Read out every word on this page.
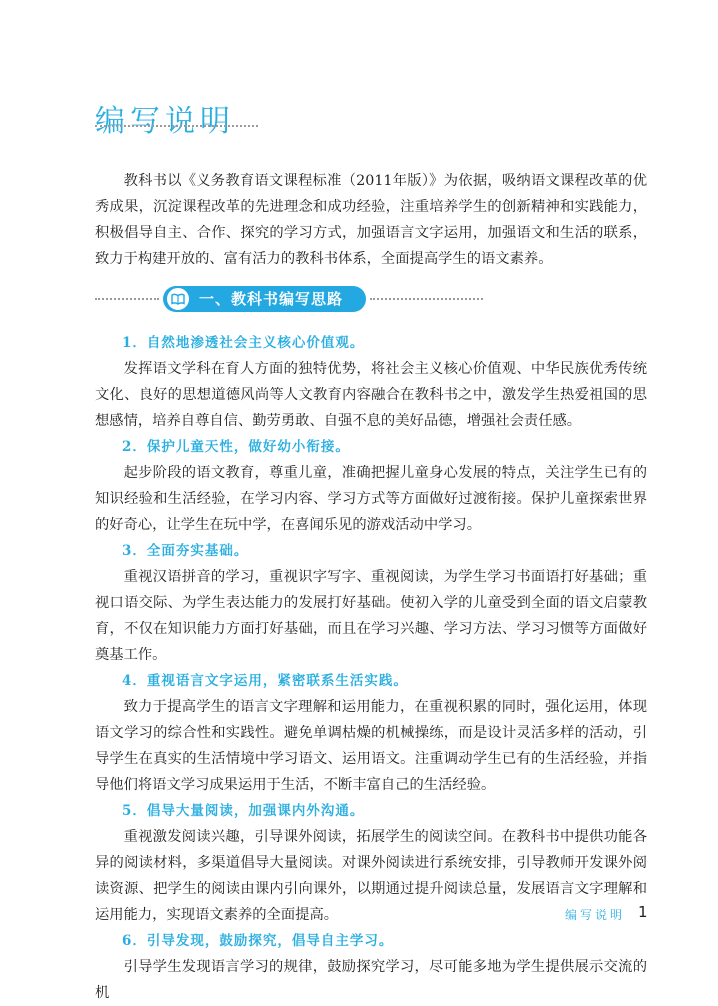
编写说明

教科书以《义务教育语文课程标准（2011年版）》为依据，吸纳语文课程改革的优秀成果，沉淀课程改革的先进理念和成功经验，注重培养学生的创新精神和实践能力，积极倡导自主、合作、探究的学习方式，加强语言文字运用，加强语文和生活的联系，致力于构建开放的、富有活力的教科书体系，全面提高学生的语文素养。

一、教科书编写思路

1．自然地渗透社会主义核心价值观。

发挥语文学科在育人方面的独特优势，将社会主义核心价值观、中华民族优秀传统文化、良好的思想道德风尚等人文教育内容融合在教科书之中，激发学生热爱祖国的思想感情，培养自尊自信、勤劳勇敢、自强不息的美好品德，增强社会责任感。

2．保护儿童天性，做好幼小衔接。

起步阶段的语文教育，尊重儿童，准确把握儿童身心发展的特点，关注学生已有的知识经验和生活经验，在学习内容、学习方式等方面做好过渡衔接。保护儿童探索世界的好奇心，让学生在玩中学，在喜闻乐见的游戏活动中学习。

3．全面夯实基础。

重视汉语拼音的学习，重视识字写字、重视阅读，为学生学习书面语打好基础；重视口语交际、为学生表达能力的发展打好基础。使初入学的儿童受到全面的语文启蒙教育，不仅在知识能力方面打好基础，而且在学习兴趣、学习方法、学习习惯等方面做好奠基工作。

4．重视语言文字运用，紧密联系生活实践。

致力于提高学生的语言文字理解和运用能力，在重视积累的同时，强化运用，体现语文学习的综合性和实践性。避免单调枯燥的机械操练，而是设计灵活多样的活动，引导学生在真实的生活情境中学习语文、运用语文。注重调动学生已有的生活经验，并指导他们将语文学习成果运用于生活，不断丰富自己的生活经验。

5．倡导大量阅读，加强课内外沟通。

重视激发阅读兴趣，引导课外阅读，拓展学生的阅读空间。在教科书中提供功能各异的阅读材料，多渠道倡导大量阅读。对课外阅读进行系统安排，引导教师开发课外阅读资源、把学生的阅读由课内引向课外，以期通过提升阅读总量，发展语言文字理解和运用能力，实现语文素养的全面提高。

6．引导发现，鼓励探究，倡导自主学习。

引导学生发现语言学习的规律，鼓励探究学习，尽可能多地为学生提供展示交流的机

编写说明 1
